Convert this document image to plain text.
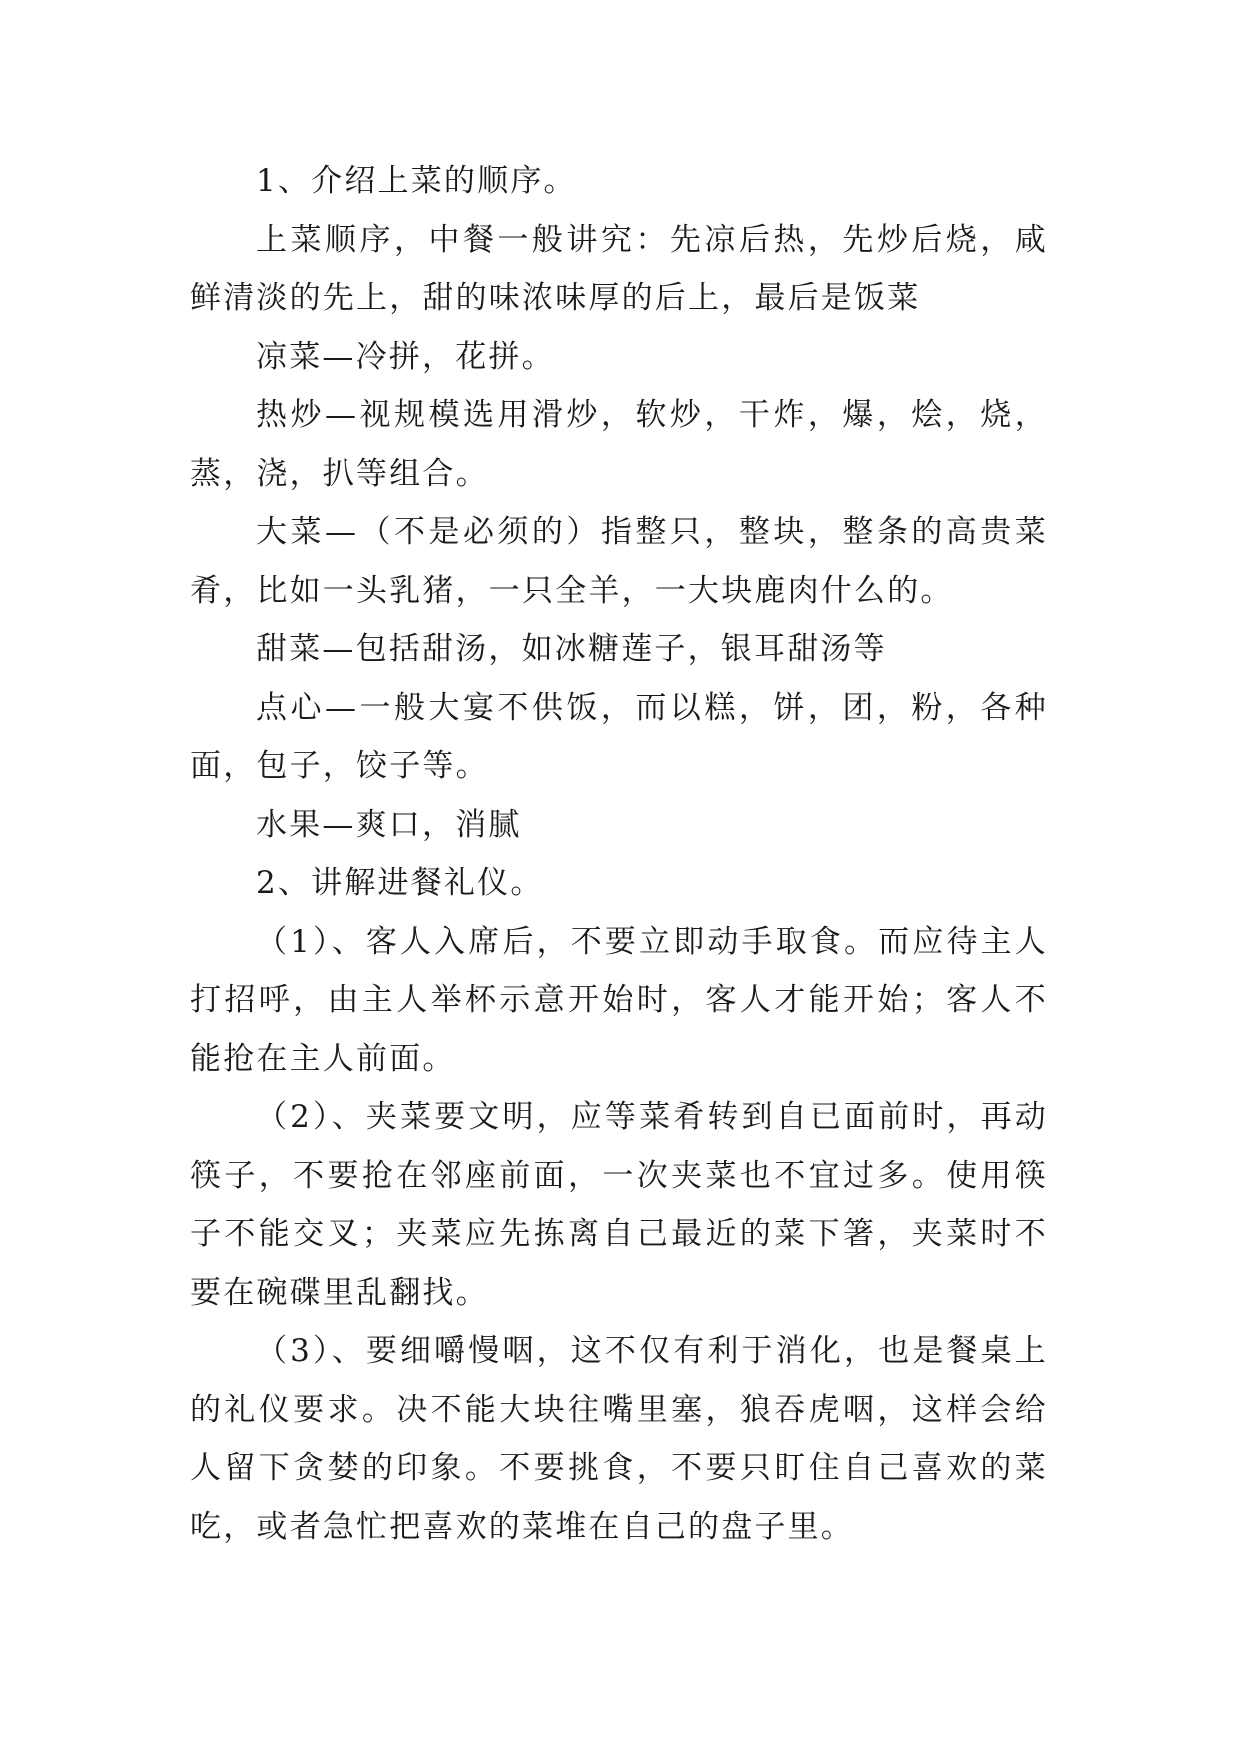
1、介绍上菜的顺序。

上菜顺序，中餐一般讲究：先凉后热，先炒后烧，咸鲜清淡的先上，甜的味浓味厚的后上，最后是饭菜

凉菜—冷拼，花拼。

热炒—视规模选用滑炒，软炒，干炸，爆，烩，烧，蒸，浇，扒等组合。

大菜—（不是必须的）指整只，整块，整条的高贵菜肴，比如一头乳猪，一只全羊，一大块鹿肉什么的。

甜菜—包括甜汤，如冰糖莲子，银耳甜汤等

点心—一般大宴不供饭，而以糕，饼，团，粉，各种面，包子，饺子等。

水果—爽口，消腻

2、讲解进餐礼仪。

（1）、客人入席后，不要立即动手取食。而应待主人打招呼，由主人举杯示意开始时，客人才能开始；客人不能抢在主人前面。

（2）、夹菜要文明，应等菜肴转到自已面前时，再动筷子，不要抢在邻座前面，一次夹菜也不宜过多。使用筷子不能交叉；夹菜应先拣离自己最近的菜下箸，夹菜时不要在碗碟里乱翻找。

（3）、要细嚼慢咽，这不仅有利于消化，也是餐桌上的礼仪要求。决不能大块往嘴里塞，狼吞虎咽，这样会给人留下贪婪的印象。不要挑食，不要只盯住自己喜欢的菜吃，或者急忙把喜欢的菜堆在自己的盘子里。
